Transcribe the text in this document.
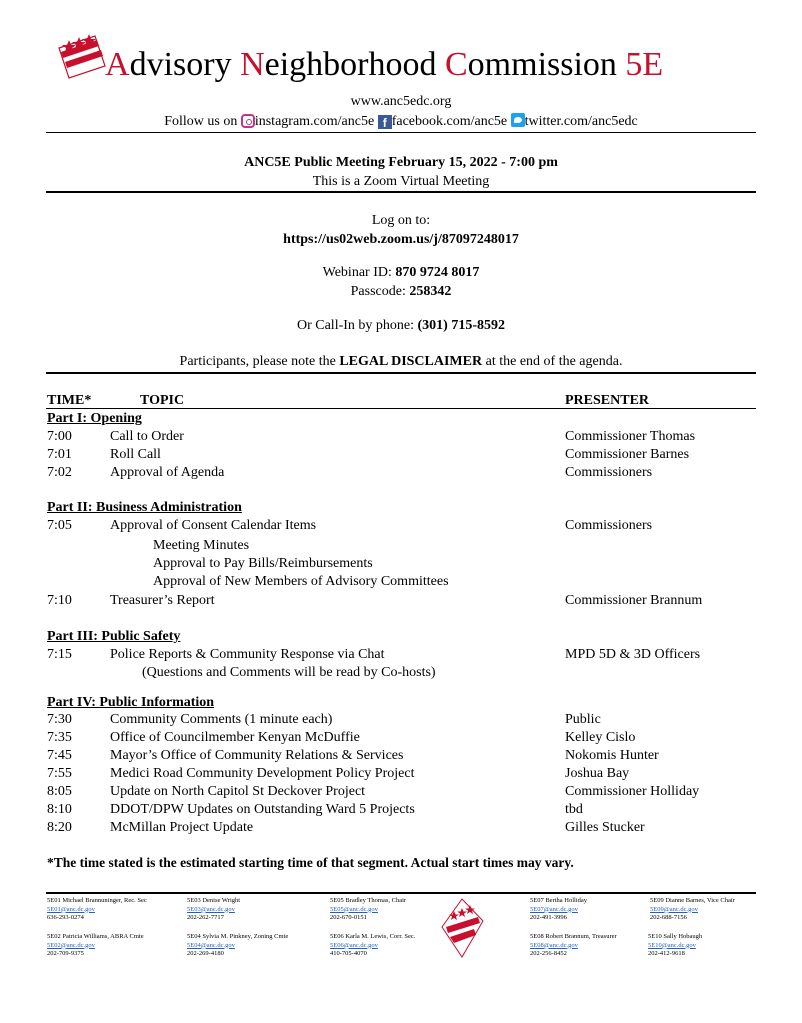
Advisory Neighborhood Commission 5E
www.anc5edc.org
Follow us on instagram.com/anc5e f facebook.com/anc5e twitter.com/anc5edc
ANC5E Public Meeting February 15, 2022 - 7:00 pm
This is a Zoom Virtual Meeting
Log on to:
https://us02web.zoom.us/j/87097248017
Webinar ID: 870 9724 8017
Passcode: 258342
Or Call-In by phone: (301) 715-8592
Participants, please note the LEGAL DISCLAIMER at the end of the agenda.
TIME*	TOPIC	PRESENTER
Part I: Opening
7:00	Call to Order	Commissioner Thomas
7:01	Roll Call	Commissioner Barnes
7:02	Approval of Agenda	Commissioners
Part II: Business Administration
7:05	Approval of Consent Calendar Items	Commissioners
Meeting Minutes
Approval to Pay Bills/Reimbursements
Approval of New Members of Advisory Committees
7:10	Treasurer’s Report	Commissioner Brannum
Part III: Public Safety
7:15	Police Reports & Community Response via Chat	MPD 5D & 3D Officers
(Questions and Comments will be read by Co-hosts)
Part IV: Public Information
7:30	Community Comments (1 minute each)	Public
7:35	Office of Councilmember Kenyan McDuffie	Kelley Cislo
7:45	Mayor’s Office of Community Relations & Services	Nokomis Hunter
7:55	Medici Road Community Development Policy Project	Joshua Bay
8:05	Update on North Capitol St Deckover Project	Commissioner Holliday
8:10	DDOT/DPW Updates on Outstanding Ward 5 Projects	tbd
8:20	McMillan Project Update	Gilles Stucker
*The time stated is the estimated starting time of that segment. Actual start times may vary.
5E01 Michael Brannuninger, Rec. Sec
5E01@anc.dc.gov
636-293-0274
5E03 Denise Wright
5E03@anc.dc.gov
202-262-7717
5E05 Bradley Thomas, Chair
5E05@anc.dc.gov
202-670-0151
5E07 Bertha Holliday
5E07@anc.dc.gov
202-491-3996
5E09 Dianne Barnes, Vice Chair
5E09@anc.dc.gov
202-688-7156
5E02 Patricia Williams, ABRA Cmte
5E02@anc.dc.gov
202-709-9375
5E04 Sylvia M. Pinkney, Zoning Cmte
5E04@anc.dc.gov
202-269-4180
5E06 Karla M. Lewis, Corr. Sec.
5E06@anc.dc.gov
410-705-4070
5E08 Robert Brannum, Treasurer
5E08@anc.dc.gov
202-256-8452
5E10 Sally Hobaugh
5E10@anc.dc.gov
202-412-9618
